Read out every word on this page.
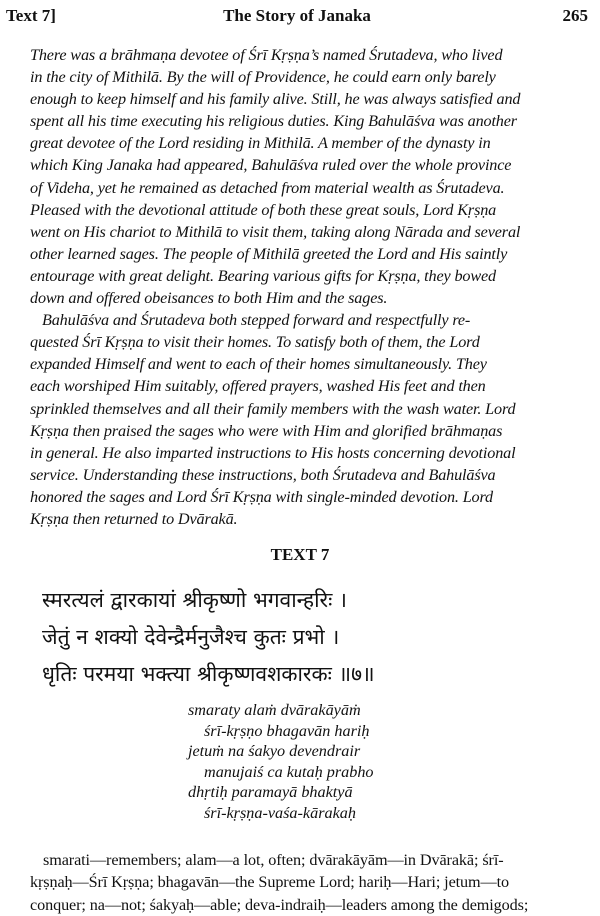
Text 7]	The Story of Janaka	265
There was a brāhmaṇa devotee of Śrī Kṛṣṇa’s named Śrutadeva, who lived
in the city of Mithilā. By the will of Providence, he could earn only barely
enough to keep himself and his family alive. Still, he was always satisfied and
spent all his time executing his religious duties. King Bahulāśva was another
great devotee of the Lord residing in Mithilā. A member of the dynasty in
which King Janaka had appeared, Bahulāśva ruled over the whole province
of Videha, yet he remained as detached from material wealth as Śrutadeva.
Pleased with the devotional attitude of both these great souls, Lord Kṛṣṇa
went on His chariot to Mithilā to visit them, taking along Nārada and several
other learned sages. The people of Mithilā greeted the Lord and His saintly
entourage with great delight. Bearing various gifts for Kṛṣṇa, they bowed
down and offered obeisances to both Him and the sages.
Bahulāśva and Śrutadeva both stepped forward and respectfully re-
quested Śrī Kṛṣṇa to visit their homes. To satisfy both of them, the Lord
expanded Himself and went to each of their homes simultaneously. They
each worshiped Him suitably, offered prayers, washed His feet and then
sprinkled themselves and all their family members with the wash water. Lord
Kṛṣṇa then praised the sages who were with Him and glorified brāhmaṇas
in general. He also imparted instructions to His hosts concerning devotional
service. Understanding these instructions, both Śrutadeva and Bahulāśva
honored the sages and Lord Śrī Kṛṣṇa with single-minded devotion. Lord
Kṛṣṇa then returned to Dvārakā.
TEXT 7
स्मरत्यलं द्वारकायां श्रीकृष्णो भगवान्हरिः ।
जेतुं न शक्यो देवेन्द्रैर्मनुजैश्च कुतः प्रभो ।
धृतिः परमया भक्त्या श्रीकृष्णवशकारकः ॥७॥
smaraty alaṁ dvārakāyāṁ
śrī-kṛṣṇo bhagavān hariḥ
jetuṁ na śakyo devendrair
manujaiś ca kutaḥ prabho
dhṛtiḥ paramayā bhaktyā
śrī-kṛṣṇa-vaśa-kārakaḥ
smarati—remembers; alam—a lot, often; dvārakāyām—in Dvārakā; śrī-
kṛṣṇaḥ—Śrī Kṛṣṇa; bhagavān—the Supreme Lord; hariḥ—Hari; jetum—to
conquer; na—not; śakyaḥ—able; deva-indraiḥ—leaders among the demigods;
